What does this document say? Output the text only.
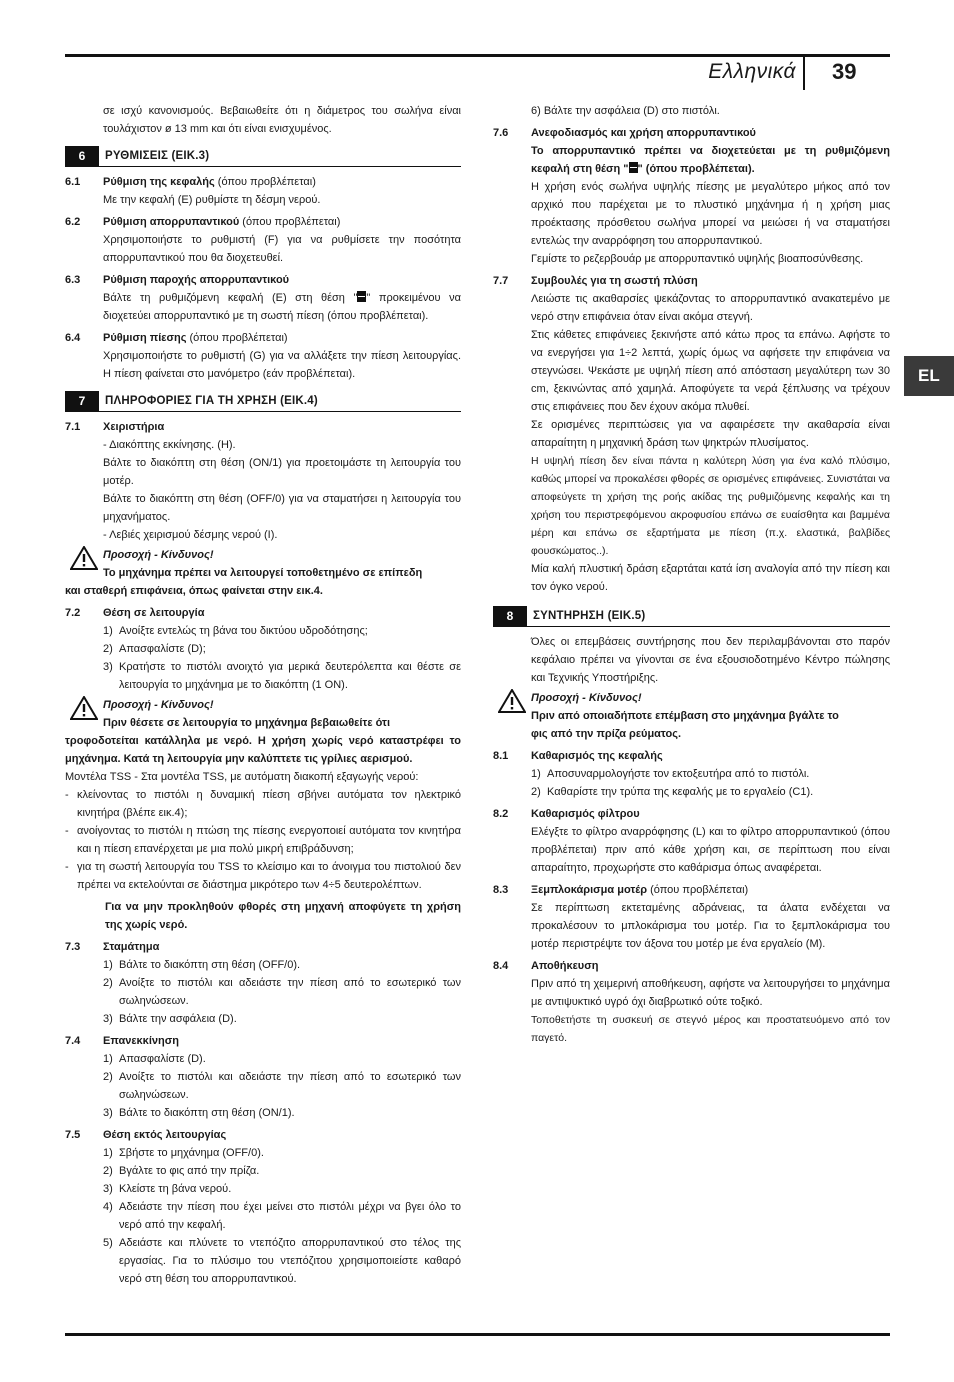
Ελληνικά 39
EL

σε ισχύ κανονισμούς. Βεβαιωθείτε ότι η διάμετρος του σωλήνα είναι τουλάχιστον ø 13 mm και ότι είναι ενισχυμένος.

6	ΡΥΘΜΙΣΕΙΣ (ΕΙΚ.3)
6.1	Ρύθμιση της κεφαλής (όπου προβλέπεται)

Με την κεφαλή (E) ρυθμίστε τη δέσμη νερού.

6.2	Ρύθμιση απορρυπαντικού (όπου προβλέπεται)

Χρησιμοποιήστε το ρυθμιστή (F) για να ρυθμίσετε την ποσότητα απορρυπαντικού που θα διοχετευθεί.

6.3	Ρύθμιση παροχής απορρυπαντικού

Βάλτε τη ρυθμιζόμενη κεφαλή (E) στη θέση " " προκειμένου να διοχετεύει απορρυπαντικό με τη σωστή πίεση (όπου προβλέπεται).

6.4	Ρύθμιση πίεσης (όπου προβλέπεται)

Χρησιμοποιήστε το ρυθμιστή (G) για να αλλάξετε την πίεση λειτουργίας. Η πίεση φαίνεται στο μανόμετρο (εάν προβλέπεται).

7	ΠΛΗΡΟΦΟΡΙΕΣ ΓΙΑ ΤΗ ΧΡΗΣΗ (ΕΙΚ.4)
7.1	Χειριστήρια

- Διακόπτης εκκίνησης. (H).

Βάλτε το διακόπτη στη θέση (ON/1) για προετοιμάστε τη λειτουργία του μοτέρ.

Βάλτε το διακόπτη στη θέση (OFF/0) για να σταματήσει η λειτουργία του μηχανήματος.

- Λεβιές χειρισμού δέσμης νερού (I).

Προσοχή - Κίνδυνος!
Το μηχάνημα πρέπει να λειτουργεί τοποθετημένο σε επίπεδη
και σταθερή επιφάνεια, όπως φαίνεται στην εικ.4.
7.2	Θέση σε λειτουργία
1) Ανοίξτε εντελώς τη βάνα του δικτύου υδροδότησης;
2) Απασφαλίστε (D);
3) Κρατήστε το πιστόλι ανοιχτό για μερικά δευτερόλεπτα και θέστε σε λειτουργία το μηχάνημα με το διακόπτη (1 ON).
Προσοχή - Κίνδυνος!
Πριν θέσετε σε λειτουργία το μηχάνημα βεβαιωθείτε ότι
τροφοδοτείται κατάλληλα με νερό. Η χρήση χωρίς νερό καταστρέφει το μηχάνημα. Κατά τη λειτουργία μην καλύπτετε τις γρίλιες αερισμού.

Μοντέλα TSS - Στα μοντέλα TSS, με αυτόματη διακοπή εξαγωγής νερού:

- κλείνοντας το πιστόλι η δυναμική πίεση σβήνει αυτόματα τον ηλεκτρικό κινητήρα (βλέπε εικ.4);
- ανοίγοντας το πιστόλι η πτώση της πίεσης ενεργοποιεί αυτόματα τον κινητήρα και η πίεση επανέρχεται με μια πολύ μικρή επιβράδυνση;
- για τη σωστή λειτουργία του TSS το κλείσιμο και το άνοιγμα του πιστολιού δεν πρέπει να εκτελούνται σε διάστημα μικρότερο των 4÷5 δευτερολέπτων.

Για να μην προκληθούν φθορές στη μηχανή αποφύγετε τη χρήση της χωρίς νερό.

7.3	Σταμάτημα
1) Βάλτε το διακόπτη στη θέση (OFF/0).
2) Ανοίξτε το πιστόλι και αδειάστε την πίεση από το εσωτερικό των σωληνώσεων.
3) Βάλτε την ασφάλεια (D).
7.4	Επανεκκίνηση
1) Απασφαλίστε (D).
2) Ανοίξτε το πιστόλι και αδειάστε την πίεση από το εσωτερικό των σωληνώσεων.
3) Βάλτε το διακόπτη στη θέση (ON/1).
7.5	Θέση εκτός λειτουργίας
1) Σβήστε το μηχάνημα (OFF/0).
2) Βγάλτε το φις από την πρίζα.
3) Κλείστε τη βάνα νερού.
4) Αδειάστε την πίεση που έχει μείνει στο πιστόλι μέχρι να βγει όλο το νερό από την κεφαλή.
5) Αδειάστε και πλύνετε το ντεπόζιτο απορρυπαντικού στο τέλος της εργασίας. Για το πλύσιμο του ντεπόζιτου χρησιμοποιείστε καθαρό νερό στη θέση του απορρυπαντικού.

6) Βάλτε την ασφάλεια (D) στο πιστόλι.

7.6	Ανεφοδιασμός και χρήση απορρυπαντικού

Το απορρυπαντικό πρέπει να διοχετεύεται με τη ρυθμιζόμενη κεφαλή στη θέση " " (όπου προβλέπεται).

Η χρήση ενός σωλήνα υψηλής πίεσης με μεγαλύτερο μήκος από τον αρχικό που παρέχεται με το πλυστικό μηχάνημα ή η χρήση μιας προέκτασης πρόσθετου σωλήνα μπορεί να μειώσει ή να σταματήσει εντελώς την αναρρόφηση του απορρυπαντικού.

Γεμίστε το ρεζερβουάρ με απορρυπαντικό υψηλής βιοαποσύνθεσης.

7.7	Συμβουλές για τη σωστή πλύση

Λειώστε τις ακαθαρσίες ψεκάζοντας το απορρυπαντικό ανακατεμένο με νερό στην επιφάνεια όταν είναι ακόμα στεγνή.

Στις κάθετες επιφάνειες ξεκινήστε από κάτω προς τα επάνω. Αφήστε το να ενεργήσει για 1÷2 λεπτά, χωρίς όμως να αφήσετε την επιφάνεια να στεγνώσει. Ψεκάστε με υψηλή πίεση από απόσταση μεγαλύτερη των 30 cm, ξεκινώντας από χαμηλά. Αποφύγετε τα νερά ξέπλυσης να τρέχουν στις επιφάνειες που δεν έχουν ακόμα πλυθεί.

Σε ορισμένες περιπτώσεις για να αφαιρέσετε την ακαθαρσία είναι απαραίτητη η μηχανική δράση των ψηκτρών πλυσίματος.

Η υψηλή πίεση δεν είναι πάντα η καλύτερη λύση για ένα καλό πλύσιμο, καθώς μπορεί να προκαλέσει φθορές σε ορισμένες επιφάνειες. Συνιστάται να αποφεύγετε τη χρήση της ροής ακίδας της ρυθμιζόμενης κεφαλής και τη χρήση του περιστρεφόμενου ακροφυσίου επάνω σε ευαίσθητα και βαμμένα μέρη και επάνω σε εξαρτήματα με πίεση (π.χ. ελαστικά, βαλβίδες φουσκώματος..).

Μία καλή πλυστική δράση εξαρτάται κατά ίση αναλογία από την πίεση και τον όγκο νερού.

8	ΣΥΝΤΗΡΗΣΗ (ΕΙΚ.5)

Όλες οι επεμβάσεις συντήρησης που δεν περιλαμβάνονται στο παρόν κεφάλαιο πρέπει να γίνονται σε ένα εξουσιοδοτημένο Κέντρο πώλησης και Τεχνικής Υποστήριξης.

Προσοχή - Κίνδυνος!
Πριν από οποιαδήποτε επέμβαση στο μηχάνημα βγάλτε το
φις από την πρίζα ρεύματος.
8.1	Καθαρισμός της κεφαλής
1) Αποσυναρμολογήστε τον εκτοξευτήρα από το πιστόλι.
2) Καθαρίστε την τρύπα της κεφαλής με το εργαλείο (C1).
8.2	Καθαρισμός φίλτρου

Ελέγξτε το φίλτρο αναρρόφησης (L) και το φίλτρο απορρυπαντικού (όπου προβλέπεται) πριν από κάθε χρήση και, σε περίπτωση που είναι απαραίτητο, προχωρήστε στο καθάρισμα όπως αναφέρεται.

8.3	Ξεμπλοκάρισμα μοτέρ (όπου προβλέπεται)

Σε περίπτωση εκτεταμένης αδράνειας, τα άλατα ενδέχεται να προκαλέσουν το μπλοκάρισμα του μοτέρ. Για το ξεμπλοκάρισμα του μοτέρ περιστρέψτε τον άξονα του μοτέρ με ένα εργαλείο (M).

8.4	Αποθήκευση

Πριν από τη χειμερινή αποθήκευση, αφήστε να λειτουργήσει το μηχάνημα με αντιψυκτικό υγρό όχι διαβρωτικό ούτε τοξικό.

Τοποθετήστε τη συσκευή σε στεγνό μέρος και προστατευόμενο από τον παγετό.
